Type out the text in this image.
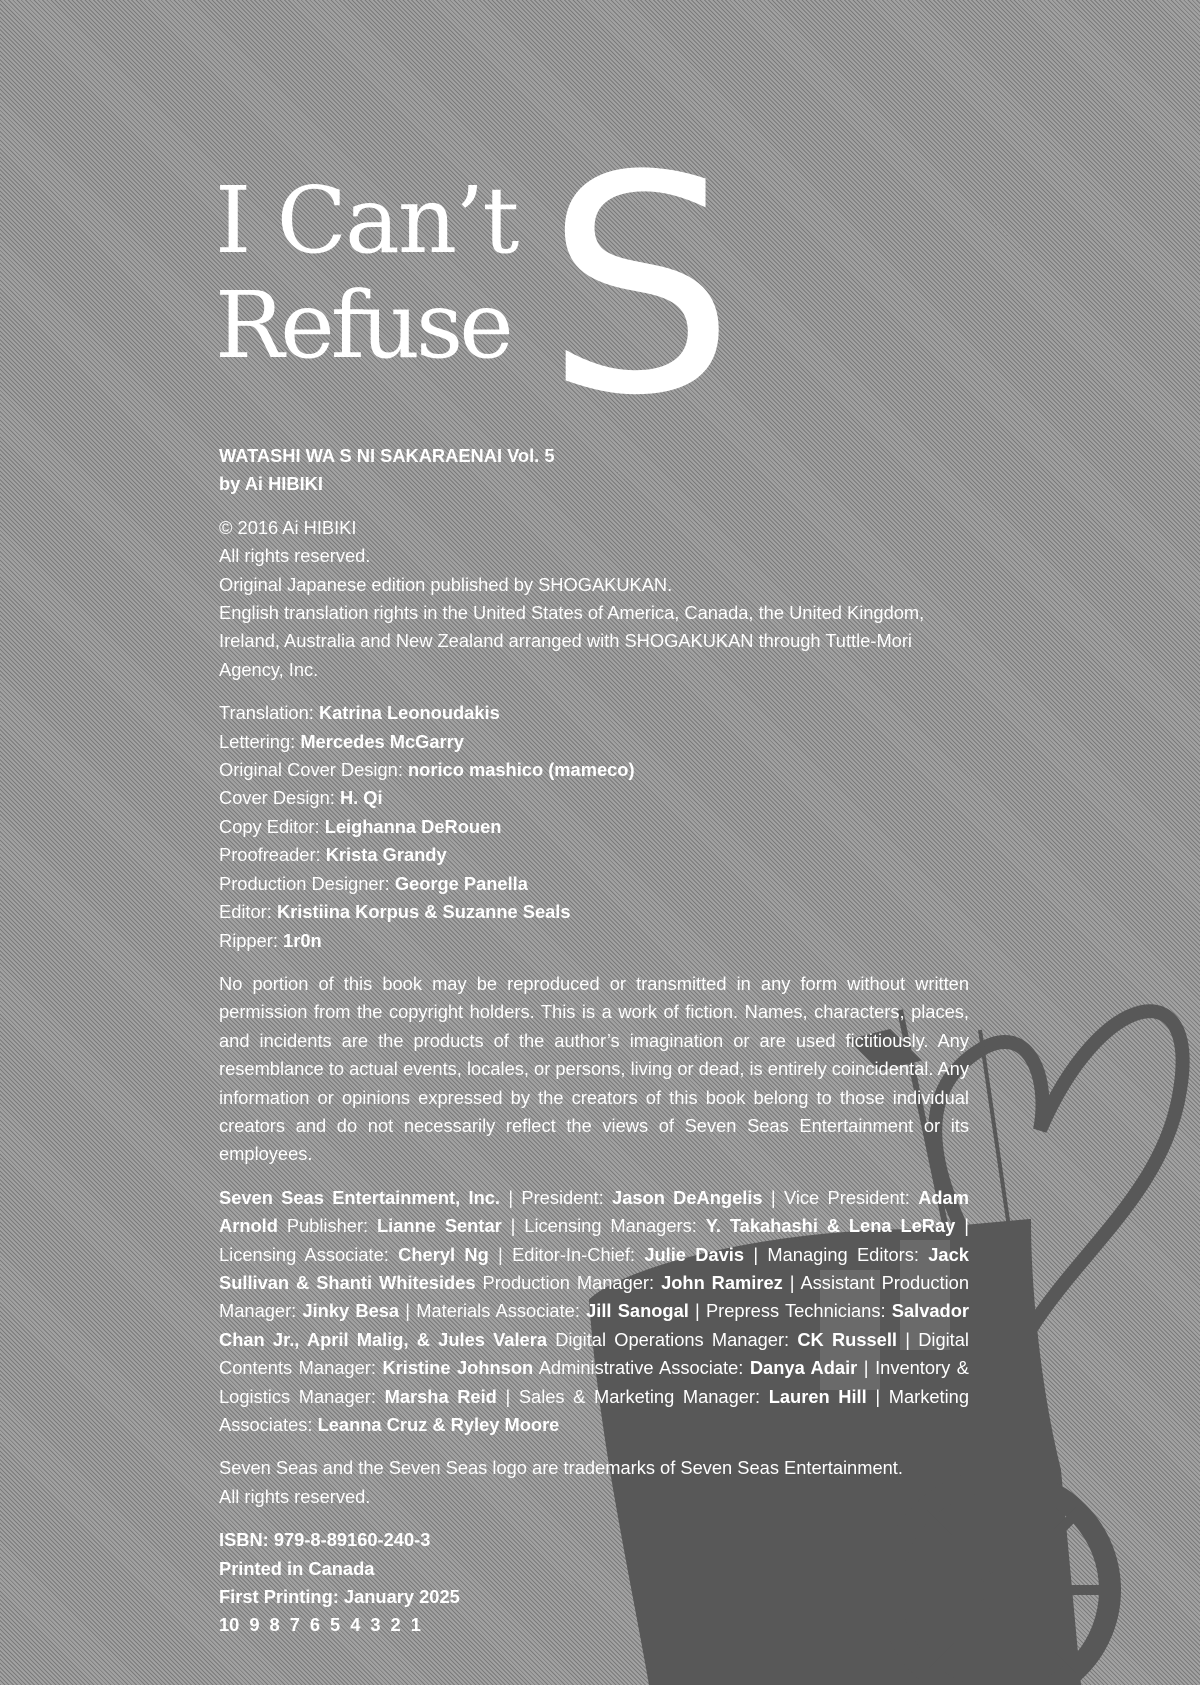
I Can’t
Refuse S

WATASHI WA S NI SAKARAENAI Vol. 5

by Ai HIBIKI

© 2016 Ai HIBIKI

All rights reserved.

Original Japanese edition published by SHOGAKUKAN.

English translation rights in the United States of America, Canada, the United Kingdom, Ireland, Australia and New Zealand arranged with SHOGAKUKAN through Tuttle-Mori Agency, Inc.

Translation: Katrina Leonoudakis

Lettering: Mercedes McGarry

Original Cover Design: norico mashico (mameco)

Cover Design: H. Qi

Copy Editor: Leighanna DeRouen

Proofreader: Krista Grandy

Production Designer: George Panella

Editor: Kristiina Korpus & Suzanne Seals

Ripper: 1r0n

No portion of this book may be reproduced or transmitted in any form without written permission from the copyright holders. This is a work of fiction. Names, characters, places, and incidents are the products of the author’s imagination or are used fictitiously. Any resemblance to actual events, locales, or persons, living or dead, is entirely coincidental. Any information or opinions expressed by the creators of this book belong to those individual creators and do not necessarily reflect the views of Seven Seas Entertainment or its employees.

Seven Seas Entertainment, Inc. | President: Jason DeAngelis | Vice President: Adam Arnold Publisher: Lianne Sentar | Licensing Managers: Y. Takahashi & Lena LeRay | Licensing Associate: Cheryl Ng | Editor-In-Chief: Julie Davis | Managing Editors: Jack Sullivan & Shanti Whitesides Production Manager: John Ramirez | Assistant Production Manager: Jinky Besa | Materials Associate: Jill Sanogal | Prepress Technicians: Salvador Chan Jr., April Malig, & Jules Valera Digital Operations Manager: CK Russell | Digital Contents Manager: Kristine Johnson Administrative Associate: Danya Adair | Inventory & Logistics Manager: Marsha Reid | Sales & Marketing Manager: Lauren Hill | Marketing Associates: Leanna Cruz & Ryley Moore

Seven Seas and the Seven Seas logo are trademarks of Seven Seas Entertainment.

All rights reserved.

ISBN: 979-8-89160-240-3

Printed in Canada

First Printing: January 2025

10 9 8 7 6 5 4 3 2 1
